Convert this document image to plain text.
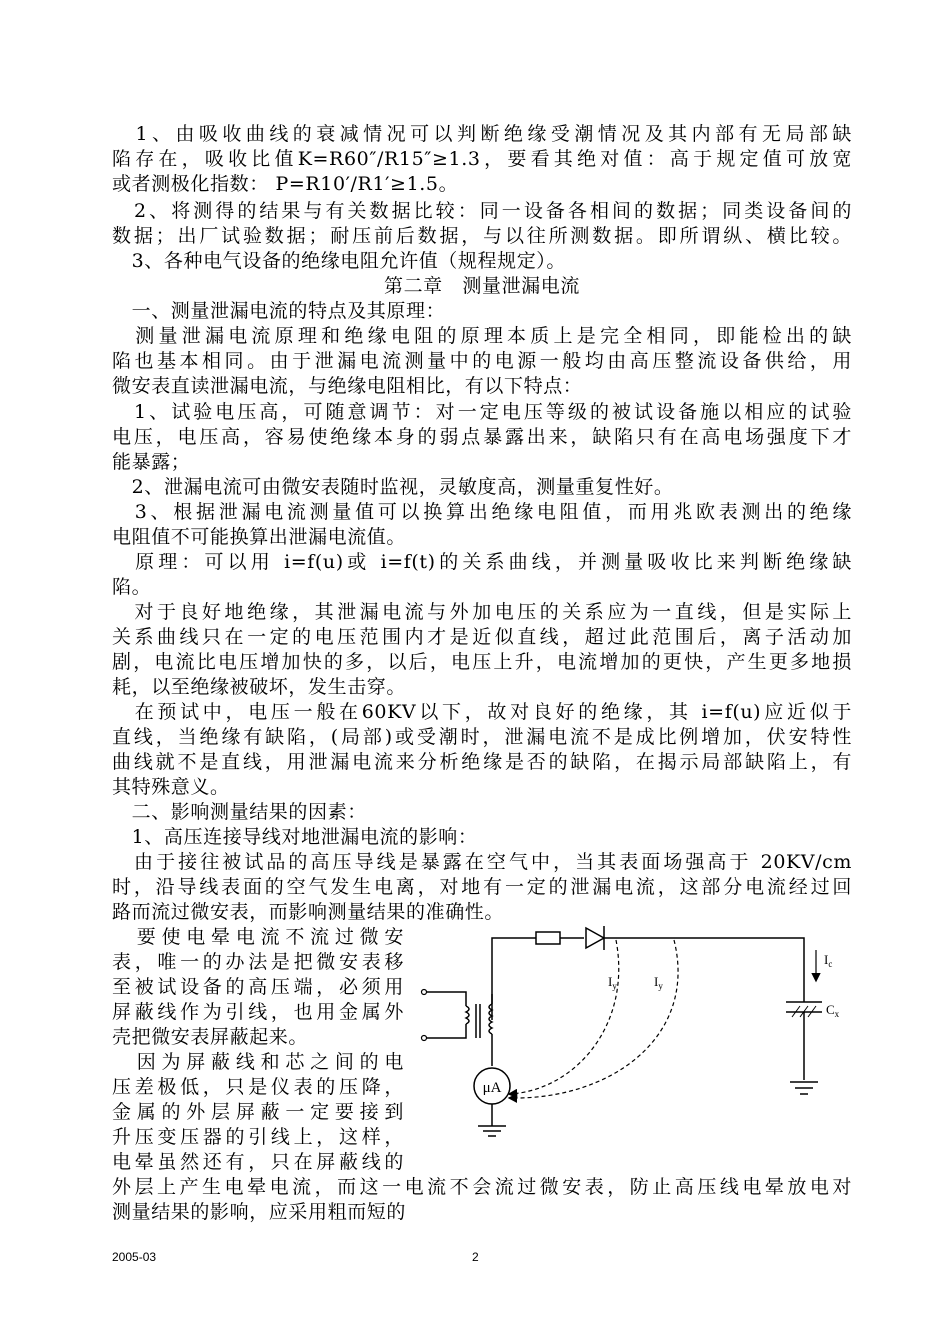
　1、由吸收曲线的衰减情况可以判断绝缘受潮情况及其内部有无局部缺
陷存在，吸收比值K=R60″/R15″≥1.3，要看其绝对值：高于规定值可放宽
或者测极化指数： P=R10′/R1′≥1.5。
　2、将测得的结果与有关数据比较：同一设备各相间的数据；同类设备间的
数据；出厂试验数据；耐压前后数据，与以往所测数据。即所谓纵、横比较。
　3、各种电气设备的绝缘电阻允许值（规程规定）。
第二章　测量泄漏电流
　一、测量泄漏电流的特点及其原理：
　测量泄漏电流原理和绝缘电阻的原理本质上是完全相同，即能检出的缺
陷也基本相同。由于泄漏电流测量中的电源一般均由高压整流设备供给，用
微安表直读泄漏电流，与绝缘电阻相比，有以下特点：
　1、试验电压高，可随意调节：对一定电压等级的被试设备施以相应的试验
电压，电压高，容易使绝缘本身的弱点暴露出来，缺陷只有在高电场强度下才
能暴露；
　2、泄漏电流可由微安表随时监视，灵敏度高，测量重复性好。
　3、根据泄漏电流测量值可以换算出绝缘电阻值，而用兆欧表测出的绝缘
电阻值不可能换算出泄漏电流值。
　原理：可以用 i=f(u)或 i=f(t)的关系曲线，并测量吸收比来判断绝缘缺
陷。
　对于良好地绝缘，其泄漏电流与外加电压的关系应为一直线，但是实际上
关系曲线只在一定的电压范围内才是近似直线，超过此范围后，离子活动加
剧，电流比电压增加快的多，以后，电压上升，电流增加的更快，产生更多地损
耗，以至绝缘被破坏，发生击穿。
　在预试中，电压一般在60KV以下，故对良好的绝缘，其 i=f(u)应近似于
直线，当绝缘有缺陷，(局部)或受潮时，泄漏电流不是成比例增加，伏安特性
曲线就不是直线，用泄漏电流来分析绝缘是否的缺陷，在揭示局部缺陷上，有
其特殊意义。
　二、影响测量结果的因素：
　1、高压连接导线对地泄漏电流的影响：
　由于接往被试品的高压导线是暴露在空气中，当其表面场强高于 20KV/cm
时，沿导线表面的空气发生电离，对地有一定的泄漏电流，这部分电流经过回
路而流过微安表，而影响测量结果的准确性。
　要使电晕电流不流过微安
表，唯一的办法是把微安表移
至被试设备的高压端，必须用
屏蔽线作为引线，也用金属外
壳把微安表屏蔽起来。
　因为屏蔽线和芯之间的电
压差极低，只是仪表的压降，
金属的外层屏蔽一定要接到
升压变压器的引线上，这样，
电晕虽然还有，只在屏蔽线的
外层上产生电晕电流，而这一电流不会流过微安表，防止高压线电晕放电对
测量结果的影响，应采用粗而短的
μA
$I_c$
$C_x$
$I_y$	$I_y$
2005-03	2
